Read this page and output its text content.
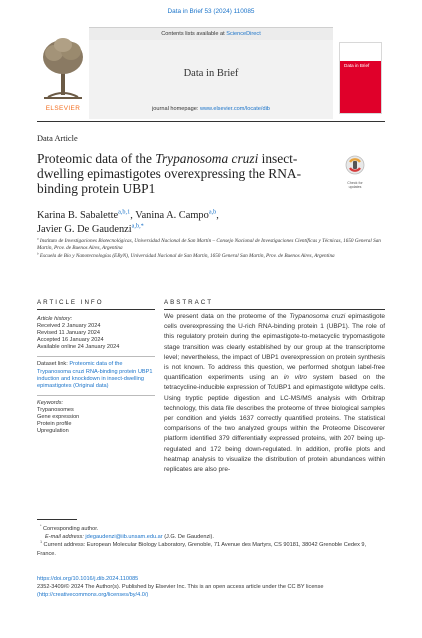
Data in Brief 53 (2024) 110085
ELSEVIER
Contents lists available at ScienceDirect
Data in Brief
journal homepage: www.elsevier.com/locate/dib
Data in Brief
Data Article
Proteomic data of the Trypanosoma cruzi insect-dwelling epimastigotes overexpressing the RNA-binding protein UBP1	Check for updates
Karina B. Sabalette$^{a,b,1}$, Vanina A. Campo$^{a,b}$,
Javier G. De Gaudenzi$^{a,b,*}$
$^a$ Instituto de Investigaciones Biotecnológicas, Universidad Nacional de San Martín – Consejo Nacional de Investigaciones Científicas y Técnicas, 1650 General San Martín, Prov. de Buenos Aires, Argentina
$^b$ Escuela de Bio y Nanotecnologías (EByN), Universidad Nacional de San Martín, 1650 General San Martín, Prov. de Buenos Aires, Argentina
ARTICLE INFO	ABSTRACT
Article history:
Received 2 January 2024
Revised 11 January 2024
Accepted 16 January 2024
Available online 24 January 2024
Dataset link: Proteomic data of the Trypanosoma cruzi RNA-binding protein UBP1 induction and knockdown in insect-dwelling epimastigotes (Original data)
Keywords:
Trypanosomes
Gene expression
Protein profile
Upregulation
We present data on the proteome of the Trypanosoma cruzi epimastigote cells overexpressing the U-rich RNA-binding protein 1 (UBP1). The role of this regulatory protein during the epimastigote-to-metacyclic trypomastigote stage transition was clearly established by our group at the transcriptome level; nevertheless, the impact of UBP1 overexpression on protein synthesis is not known. To address this question, we performed shotgun label-free quantification experiments using an in vitro system based on the tetracycline-inducible expression of TcUBP1 and epimastigote wildtype cells. Using tryptic peptide digestion and LC-MS/MS analysis with Orbitrap technology, this data file describes the proteome of three biological samples per condition and yields 1637 correctly quantified proteins. The statistical comparisons of the two analyzed groups within the Proteome Discoverer platform identified 379 differentially expressed proteins, with 207 being up-regulated and 172 being down-regulated. In addition, profile plots and heatmap analysis to visualize the distribution of protein abundances within replicates are also pre-
* Corresponding author.
E-mail address: jdegaudenzi@iib.unsam.edu.ar (J.G. De Gaudenzi).
$^1$ Current address: European Molecular Biology Laboratory, Grenoble, 71 Avenue des Martyrs, CS 90181, 38042 Grenoble Cedex 9, France.
https://doi.org/10.1016/j.dib.2024.110085
2352-3409/© 2024 The Author(s). Published by Elsevier Inc. This is an open access article under the CC BY license
(http://creativecommons.org/licenses/by/4.0/)
